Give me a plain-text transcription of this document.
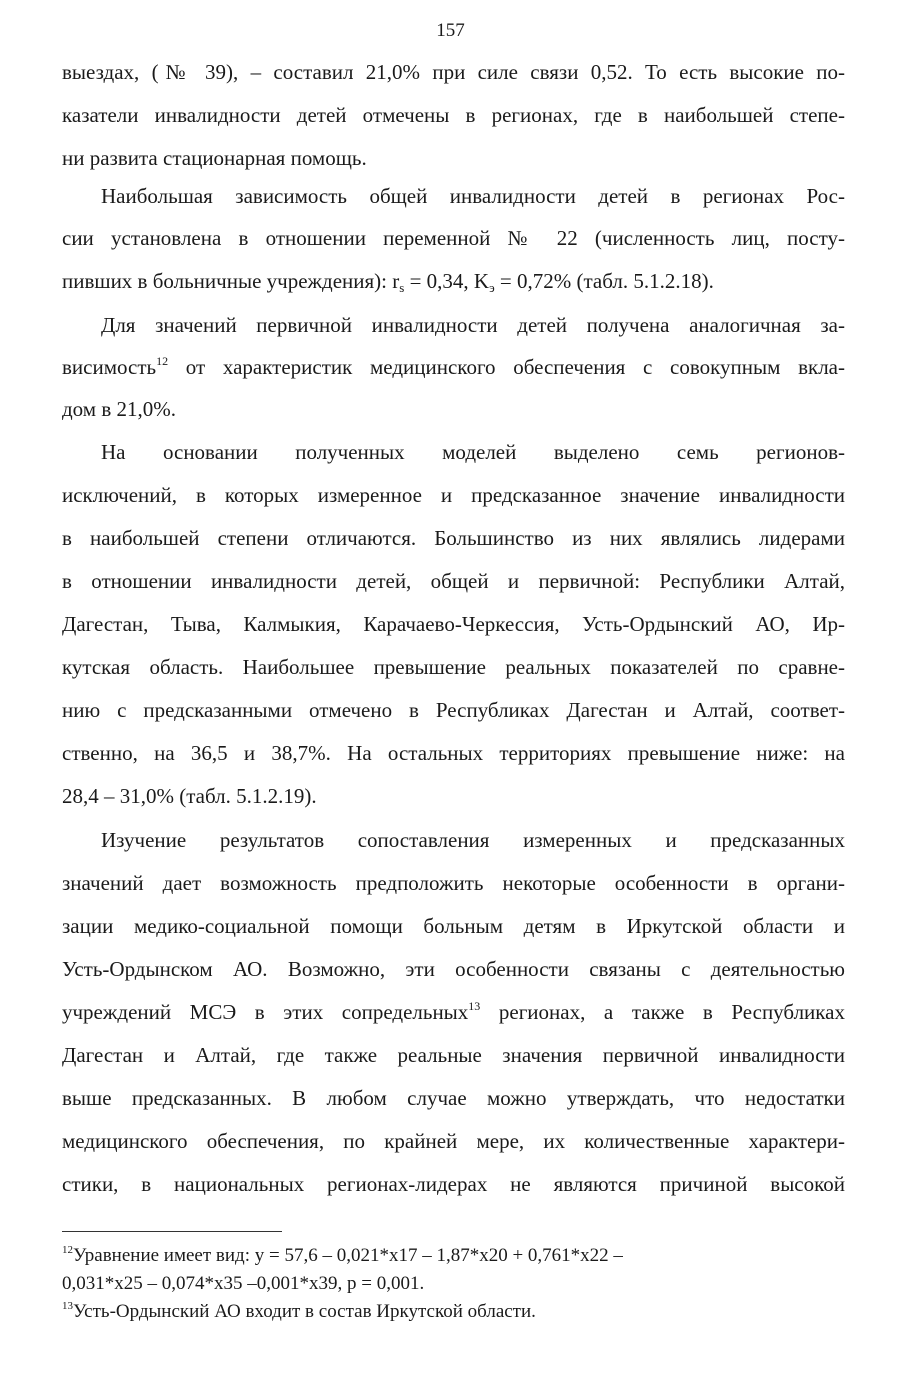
157
выездах, (№ 39), – составил 21,0% при силе связи 0,52. То есть высокие по-
казатели инвалидности детей отмечены в регионах, где в наибольшей степе-
ни развита стационарная помощь.
Наибольшая зависимость общей инвалидности детей в регионах Рос-
сии установлена в отношении переменной № 22 (численность лиц, посту-
пивших в больничные учреждения): $r_s = 0,34$, $K_э = 0,72\%$ (табл. 5.1.2.18).
Для значений первичной инвалидности детей получена аналогичная за-
висимость$^{12}$ от характеристик медицинского обеспечения с совокупным вкла-
дом в 21,0%.
На основании полученных моделей выделено семь регионов-
исключений, в которых измеренное и предсказанное значение инвалидности
в наибольшей степени отличаются. Большинство из них являлись лидерами
в отношении инвалидности детей, общей и первичной: Республики Алтай,
Дагестан, Тыва, Калмыкия, Карачаево-Черкессия, Усть-Ордынский АО, Ир-
кутская область. Наибольшее превышение реальных показателей по сравне-
нию с предсказанными отмечено в Республиках Дагестан и Алтай, соответ-
ственно, на 36,5 и 38,7%. На остальных территориях превышение ниже: на
28,4 – 31,0% (табл. 5.1.2.19).
Изучение результатов сопоставления измеренных и предсказанных
значений дает возможность предположить некоторые особенности в органи-
зации медико-социальной помощи больным детям в Иркутской области и
Усть-Ордынском АО. Возможно, эти особенности связаны с деятельностью
учреждений МСЭ в этих сопредельных$^{13}$ регионах, а также в Республиках
Дагестан и Алтай, где также реальные значения первичной инвалидности
выше предсказанных. В любом случае можно утверждать, что недостатки
медицинского обеспечения, по крайней мере, их количественные характери-
стики, в национальных регионах-лидерах не являются причиной высокой
$^{12}$Уравнение имеет вид: y = 57,6 – 0,021*x17 – 1,87*x20 + 0,761*x22 –
0,031*x25 – 0,074*x35 –0,001*x39, p = 0,001.
$^{13}$Усть-Ордынский АО входит в состав Иркутской области.
